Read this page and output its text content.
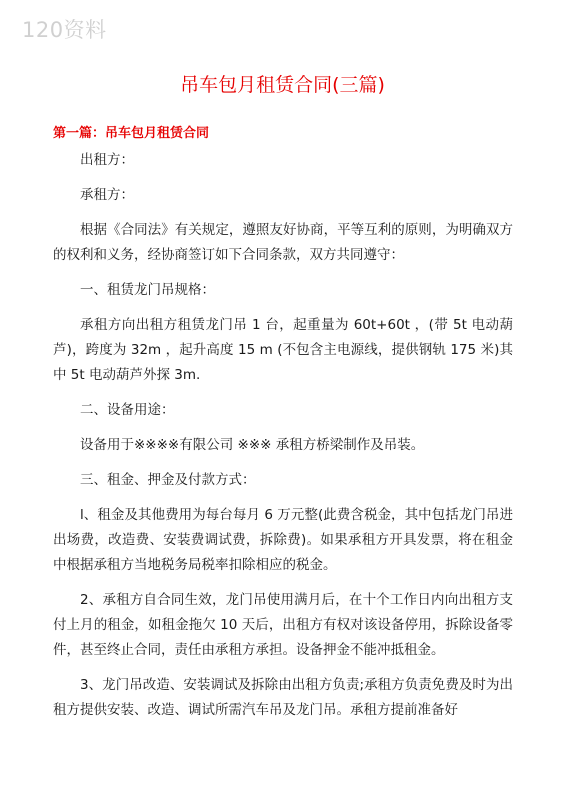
120资料
吊车包月租赁合同(三篇)
第一篇：吊车包月租赁合同

出租方：

承租方：

根据《合同法》有关规定，遵照友好协商，平等互利的原则，为明确双方的权利和义务，经协商签订如下合同条款，双方共同遵守：

一、租赁龙门吊规格：

承租方向出租方租赁龙门吊 1 台，起重量为 60t+60t ，(带 5t 电动葫芦)，跨度为 32m ，起升高度 15 m (不包含主电源线，提供钢轨 175 米)其中 5t 电动葫芦外探 3m.

二、设备用途：

设备用于※※※※有限公司 ※※※ 承租方桥梁制作及吊装。

三、租金、押金及付款方式：

l、租金及其他费用为每台每月 6 万元整(此费含税金，其中包括龙门吊进出场费，改造费、安装费调试费，拆除费)。如果承租方开具发票，将在租金中根据承租方当地税务局税率扣除相应的税金。

2、承租方自合同生效，龙门吊使用满月后，在十个工作日内向出租方支付上月的租金，如租金拖欠 10 天后，出租方有权对该设备停用，拆除设备零件，甚至终止合同，责任由承租方承担。设备押金不能冲抵租金。

3、龙门吊改造、安装调试及拆除由出租方负责;承租方负责免费及时为出租方提供安装、改造、调试所需汽车吊及龙门吊。承租方提前准备好
